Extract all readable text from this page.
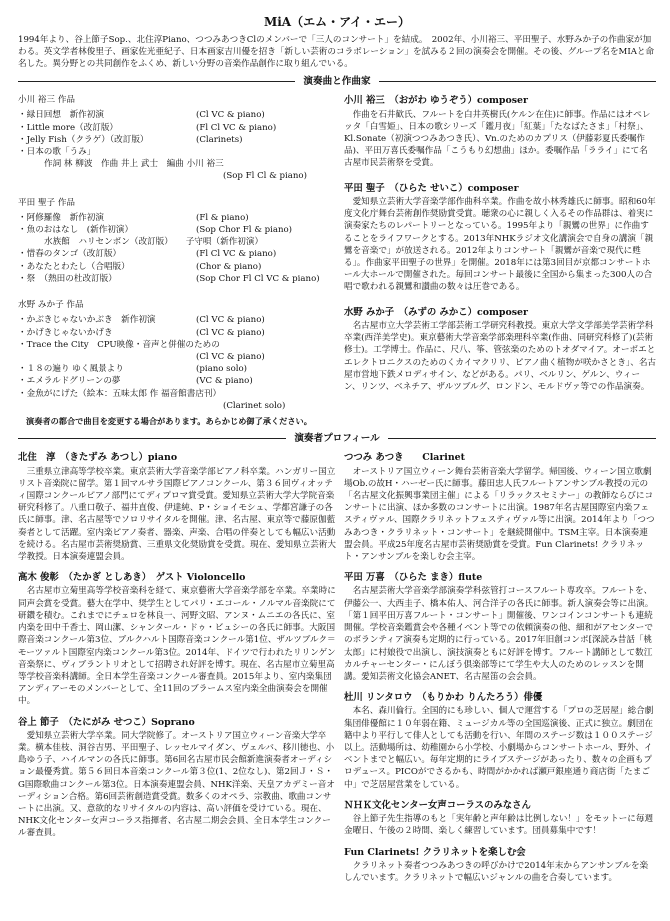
MiA（エム・アイ・エー）
1994年より、谷上節子Sop.、北住淳Piano、つつみあつきClのメンバーで「三人のコンサート」を結成。　2002年、小川裕三、平田聖子、水野みか子の作曲家が加わる。英文学者林俊里子、画家佐光亜紀子、日本画家吉川優を招き「新しい芸術のコラボレーション」を試みる２回の演奏会を開催。その後、グループ名をMIAと命名した。異分野との共同創作をふくめ、新しい分野の音楽作品創作に取り組んでいる。
演奏曲と作曲家
小川 裕三 作品
・緑日回想　新作初演	(Cl VC & piano)
・Little more（改訂版）	(Fl Cl VC & piano)
・Jelly Fish（クラゲ）（改訂版）	(Clarinets)
・日本の歌「うみ」
作詞 林 柳波　作曲 井上 武士　編曲 小川 裕三
(Sop Fl Cl & piano)
平田 聖子 作品
・阿修羅像　新作初演	(Fl & piano)
・魚のおはなし　(新作初演）	(Sop Chor Fl & piano)
水族館　ハリセンボン（改訂版）　　子守唄（新作初演）
・惜春のタンゴ（改訂版）	(Fl Cl VC & piano)
・あなたとわたし（合唱版）	(Chor & piano)
・祭　（熱田の杜改訂版）	(Sop Chor Fl Cl VC & piano)
水野 みか子 作品
・かぶきじゃないかぶき　新作初演	(Cl VC & piano)
・かげきじゃないかげき	(Cl VC & piano)
・Trace the City　CPU映像・音声と併催のための
(Cl VC & piano)
・１８の遍り ゆく風景より	(piano solo)
・エメラルドグリーンの夢	(VC & piano)
・金魚がにげた（絵本：五味太郎 作 福音館書店刊）
(Clarinet solo)
小川 裕三　（おがわ ゆうぞう）composer

作曲を石井歓氏、フルートを白井英樹氏(ケルン在住)に師事。作品にはオペレッタ「白雪姫」、日本の歌シリーズ「鑑月夜」「紅葉」「たなばたさま」「村祭」、Kl.Sonate（初演つつみあつき氏）、Vn.のためのカプリス（伊藤彩夏氏委嘱作品)、平田万喜氏委嘱作品「こうもり幻想曲」ほか。委嘱作品「ラライ」にて名古屋市民芸術祭を受賞。

平田 聖子　（ひらた せいこ）composer

愛知県立芸術大学音楽学部作曲科卒業。作曲を故小林秀雄氏に師事。昭和60年度文化庁舞台芸術創作奨励賞受賞。聴衆の心に親しく入るその作品群は、着実に演奏家たちのレパートリーとなっている。1995年より「親鸞の世界」に作曲することをライフワークとする。2013年NHKラジオ文化講演会で自身の講演「親鸞を音楽で」が放送される。2012年よりコンサート「親鸞が音楽で現代に甦る」。作曲家平田聖子の世界」を開催。2018年には第3回目が京都コンサートホール大ホールで開催された。毎回コンサート最後に全国から集まった300人の合唱で歌われる親鸞和讃曲の数々は圧巻である。

水野 みか子　（みずの みかこ）composer

名古屋市立大学芸術工学部芸術工学研究科教授。東京大学文学部美学芸術学科卒業(西洋美学史)。東京藝術大学音楽学部楽理科卒業(作曲、同研究科修了)(芸術修士)。工学博士。作品に、尺八、筝、管弦楽のためのトオダマイア。オーボエとエレクトロニクスのためのくカイマクリリ、ピアノ曲く植物が咲かさとき」、名古屋市営地下鉄メロディサイン、などがある。パリ、ベルリン、ゲルン、ウィーン、リンツ、ベネチア、ザルツブルグ、ロンドン、モルドヴァ等での作品演奏。

演奏者の都合で曲目を変更する場合があります。あらかじめ御了承ください。
演奏者プロフィール
北住　淳　（きたずみ あつし）piano

三重県立津高等学校卒業。東京芸術大学音楽学部ピアノ科卒業。ハンガリー国立リスト音楽院に留学。第１回マルサラ国際ピアノコンクール、第３６回ヴィオッティ国際コンクールピアノ部門にてディプロマ賞受賞。愛知県立芸術大学大学院音楽研究科修了。八重口敬子、福井直俊、伊達純、P・ショイモシュ、学都宮謙子の各氏に師事。津、名古屋等でソロリサイタルを開催。津、名古屋、東京等で藤原伽藍奏者として活躍。室内楽ピアノ奏者、器楽、声楽、合唱の伴奏としても幅広い活動を続ける。名古屋市芸術奨励賞、三重県文化奨励賞を受賞。現在、愛知県立芸術大学教授。日本演奏連盟会員。

高木 俊彰　（たかぎ としあき）　ゲスト Violoncello

名古屋市立菊里高等学校音楽科を経て、東京藝術大学音楽学部を卒業。卒業時に同声会賞を受賞。藝大在学中、奨学生としてパリ・エコール・ノルマル音楽院にて研鑽を積む。これまでにチェロを林良一、河野文昭、アンヌ・ムニエの各氏に、室内楽を田中千香士、岡山潔、シャンタール・ドゥ・ビュシーの各氏に師事。大阪国際音楽コンクール第3位、ブルクハルト国際音楽コンクール第1位、ザルツブルク＝モーツァルト国際室内楽コンクール第3位。2014年、ドイツで行われたリリンゲン音楽祭に、ヴィブラントリオとして招聘され好評を博す。現在、名古屋市立菊里高等学校音楽科講師。全日本学生音楽コンクール審査員。2015年より、室内楽集団アンディアーモのメンバーとして、全11回のブラームス室内楽全曲演奏会を開催中。

谷上 節子　（たにがみ せつこ）Soprano

愛知県立芸術大学卒業。同大学院修了。オーストリア国立ウィーン音楽大学卒業。横本佳枝、洞谷吉男、平田聖子、レッセルマイダン、ヴェルバ、移川徳也、小島ゆう子、ハイルマンの各氏に師事。第6回名古屋市民会館新進演奏者オーディション最優秀賞。第５６回日本音楽コンクール第３位(1、2位なし)、第2回Ｊ・Ｓ・G国際歌曲コンクール第3位。日本演奏連盟会員、NHK洋楽、天皇アカデミー音オーディション合格。第6回芸術創造賞受賞。数多くのオペラ、宗教曲、歌曲コンサートに出演。又、意欲的なリサイタルの内容は、高い評価を受けている。現在、NHK文化センター女声コーラス指揮者、名古屋二期会会員、全日本学生コンクール審査員。

つつみ あつき　　Clarinet

オーストリア国立ウィーン舞台芸術音楽大学留学。帰国後、ウィーン国立歌劇場Ob.の故H・ハーゼー氏に師事。藤田忠人氏フルートアンサンブル教授の元の「名古屋文化振興事業団主催」による「リラックスセミナー」の教師ならびにコンサートに出演、ほか多数のコンサートに出演。1987年名古屋国際室内楽フェスティヴァル、国際クラリネットフェスティヴァル等に出演。2014年より「つつみあつき・クラリネット・コンサート」を継続開催中。TSM主宰。日本演奏連盟会員。平成25年度名古屋市芸術奨励賞を受賞。Fun Clarinets! クラリネット・アンサンブルを楽しむ会主宰。

平田 万喜　（ひらた まき）flute

名古屋芸術大学音楽学部演奏学科弦管打コースフルート専攻卒。フルートを、伊藤公一、大西圭子、橋本佑人、河合洋子の各氏に師事。新人演奏会等に出演。「第１回平田万喜フルート・コンサート」開催後、ワンコインコンサートも連続開催。学校音楽鑑賞会や各種イベント等での依頼演奏の他、細和がアセンターでのボランティア演奏も定期的に行っている。2017年旧創コンポ[深読み昔話「桃太郎」に村娘役で出演し、演技演奏ともに好評を博す。フルート講師として数江カルチャーセンター・にんぼう倶楽部等にて学生や大人のためのレッスンを開講。愛知芸術文化協会ANET、名古屋笛の会会員。

杜川 リンタロウ　（もりかわ りんたろう）俳優

本名、森川倫行。全国的にも珍しい、個人で運営する「プロの芝居屋」総合劇集団俳優館に１０年弱在籍、ミュージカル等の全国巡演後、正式に独立。劇団在籍中より平行して俳人としても活動を行い、年間のステージ数は１００ステージ以上。活動場所は、幼稚園から小学校、小劇場からコンサートホール、野外、イベントまでと幅広い。毎年定期的にライブステージがあったり、数々の企画もプロデュース。PICOがでさるかも、時間がかかれば瀬戸銀座通り商店街「たまご中」で芝居屋営業をしている。

ＮＨＫ文化センター女声コーラスのみなさん

谷上節子先生指導のもと「実年齢と声年齢は比例しない！」をモットーに毎週金曜日、午後の２時間、楽しく練習しています。団員募集中です！

Fun Clarinets! クラリネットを楽しむ会

クラリネット奏者つつみあつきの呼びかけで2014年末からアンサンブルを楽しんでいます。クラリネットで幅広いジャンルの曲を合奏しています。
